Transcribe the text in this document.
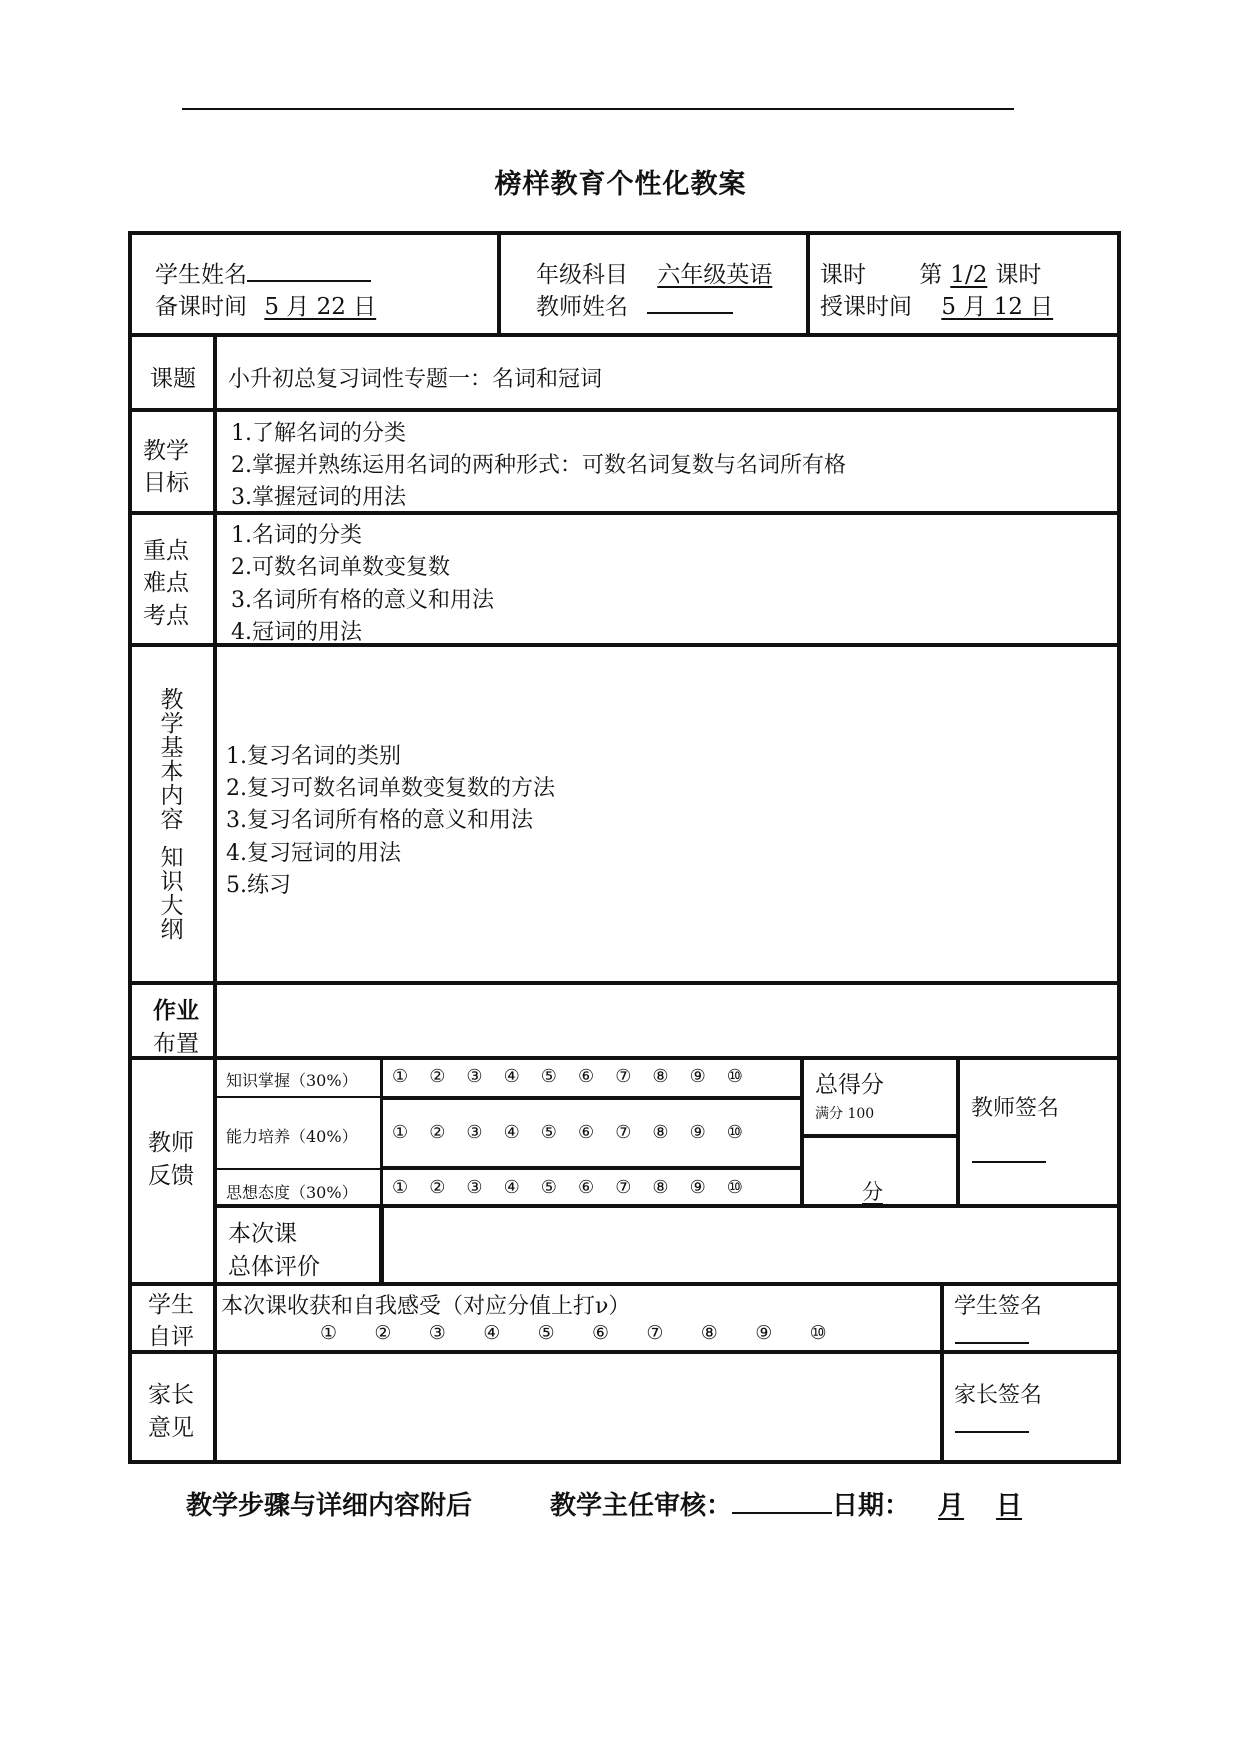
榜样教育个性化教案
学生姓名
备课时间 5 月 22 日
年级科目 六年级英语
教师姓名
课时 第 1/2 课时
授课时间 5 月 12 日
课题 小升初总复习词性专题一：名词和冠词
教学
目标
1.了解名词的分类
2.掌握并熟练运用名词的两种形式：可数名词复数与名词所有格
3.掌握冠词的用法
重点
难点
考点
1.名词的分类
2.可数名词单数变复数
3.名词所有格的意义和用法
4.冠词的用法
教
学
基
本
内
容
知
识
大
纲
1.复习名词的类别
2.复习可数名词单数变复数的方法
3.复习名词所有格的意义和用法
4.复习冠词的用法
5.练习
作业
布置
教师
反馈
知识掌握（30%）
能力培养（40%）
思想态度（30%）
① ② ③ ④ ⑤ ⑥ ⑦ ⑧ ⑨ ⑩
① ② ③ ④ ⑤ ⑥ ⑦ ⑧ ⑨ ⑩
① ② ③ ④ ⑤ ⑥ ⑦ ⑧ ⑨ ⑩
总得分
满分 100
分
教师签名
本次课
总体评价
学生
自评
本次课收获和自我感受（对应分值上打ν）
① ② ③ ④ ⑤ ⑥ ⑦ ⑧ ⑨ ⑩
学生签名
家长
意见
家长签名
教学步骤与详细内容附后	教学主任审核：	日期： 月 日
